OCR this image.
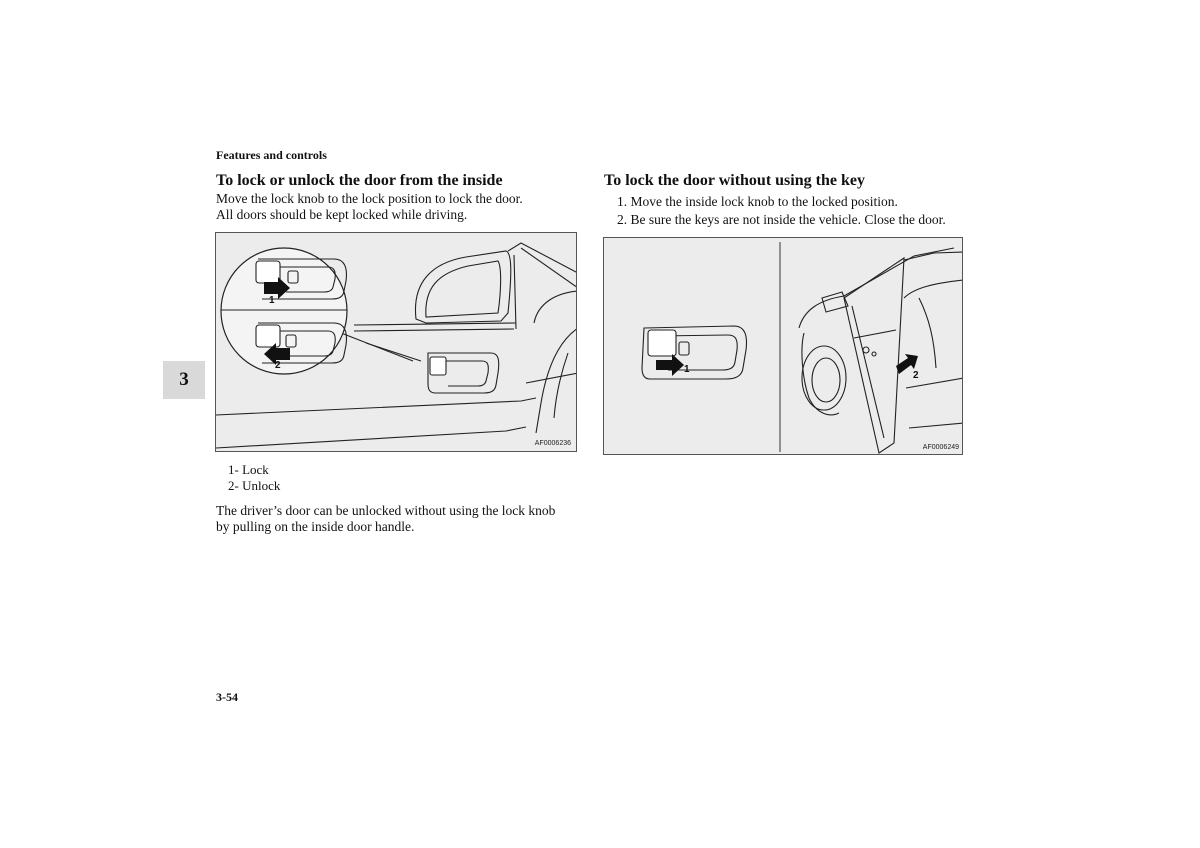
Features and controls
3
To lock or unlock the door from the inside
Move the lock knob to the lock position to lock the door.
All doors should be kept locked while driving.
1
2
AF0006236
1- Lock
2- Unlock
The driver’s door can be unlocked without using the lock knob
by pulling on the inside door handle.
To lock the door without using the key
1. Move the inside lock knob to the locked position.
2. Be sure the keys are not inside the vehicle. Close the door.
1
2
AF0006249
3-54
